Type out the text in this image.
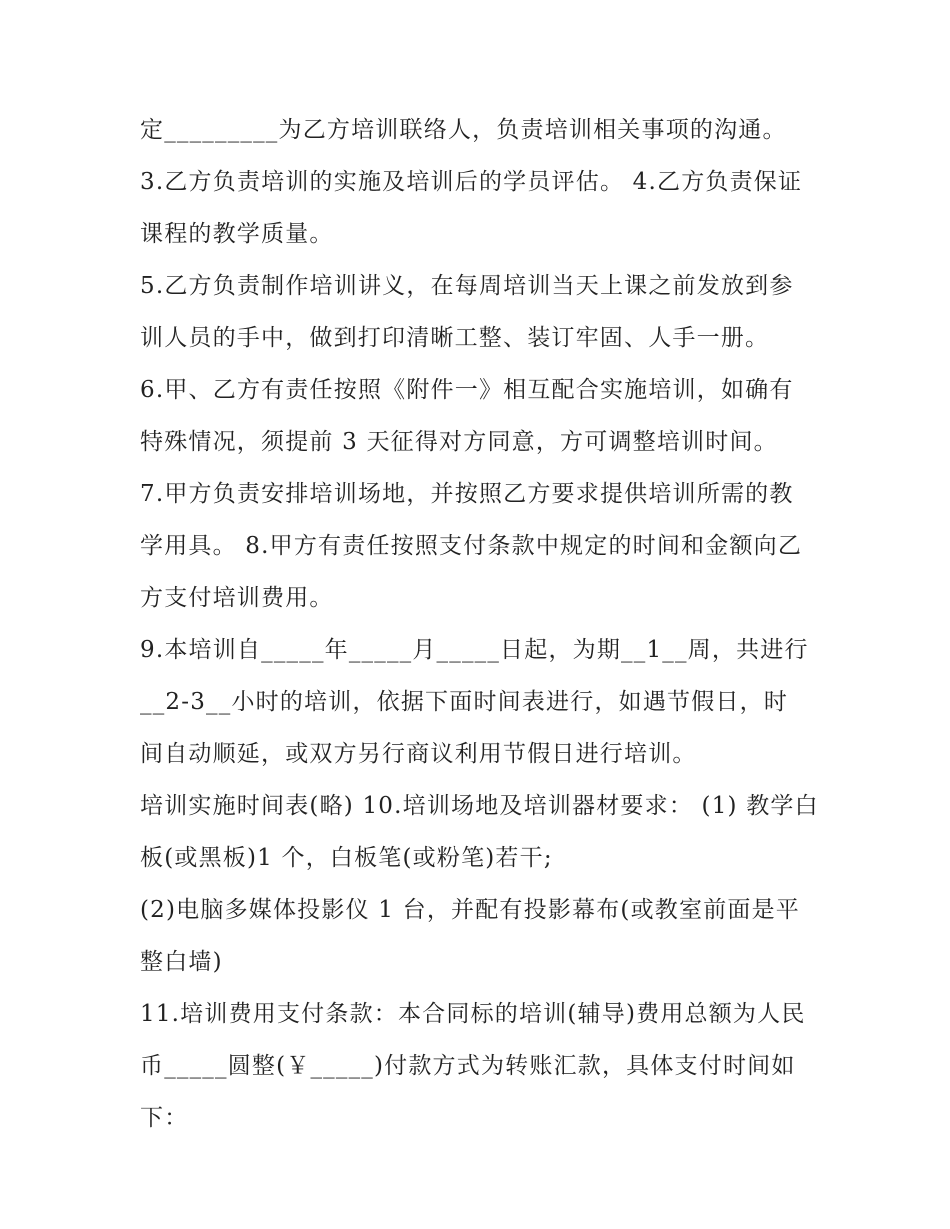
定_________为乙方培训联络人，负责培训相关事项的沟通。
3.乙方负责培训的实施及培训后的学员评估。 4.乙方负责保证
课程的教学质量。
5.乙方负责制作培训讲义，在每周培训当天上课之前发放到参
训人员的手中，做到打印清晰工整、装订牢固、人手一册。
6.甲、乙方有责任按照《附件一》相互配合实施培训，如确有
特殊情况，须提前 3 天征得对方同意，方可调整培训时间。
7.甲方负责安排培训场地，并按照乙方要求提供培训所需的教
学用具。 8.甲方有责任按照支付条款中规定的时间和金额向乙
方支付培训费用。
9.本培训自_____年_____月_____日起，为期__1__周，共进行
__2-3__小时的培训，依据下面时间表进行，如遇节假日，时
间自动顺延，或双方另行商议利用节假日进行培训。
培训实施时间表(略) 10.培训场地及培训器材要求： (1) 教学白
板(或黑板)1 个，白板笔(或粉笔)若干;
(2)电脑多媒体投影仪 1 台，并配有投影幕布(或教室前面是平
整白墙)
11.培训费用支付条款：本合同标的培训(辅导)费用总额为人民
币_____圆整(￥_____)付款方式为转账汇款，具体支付时间如
下：
